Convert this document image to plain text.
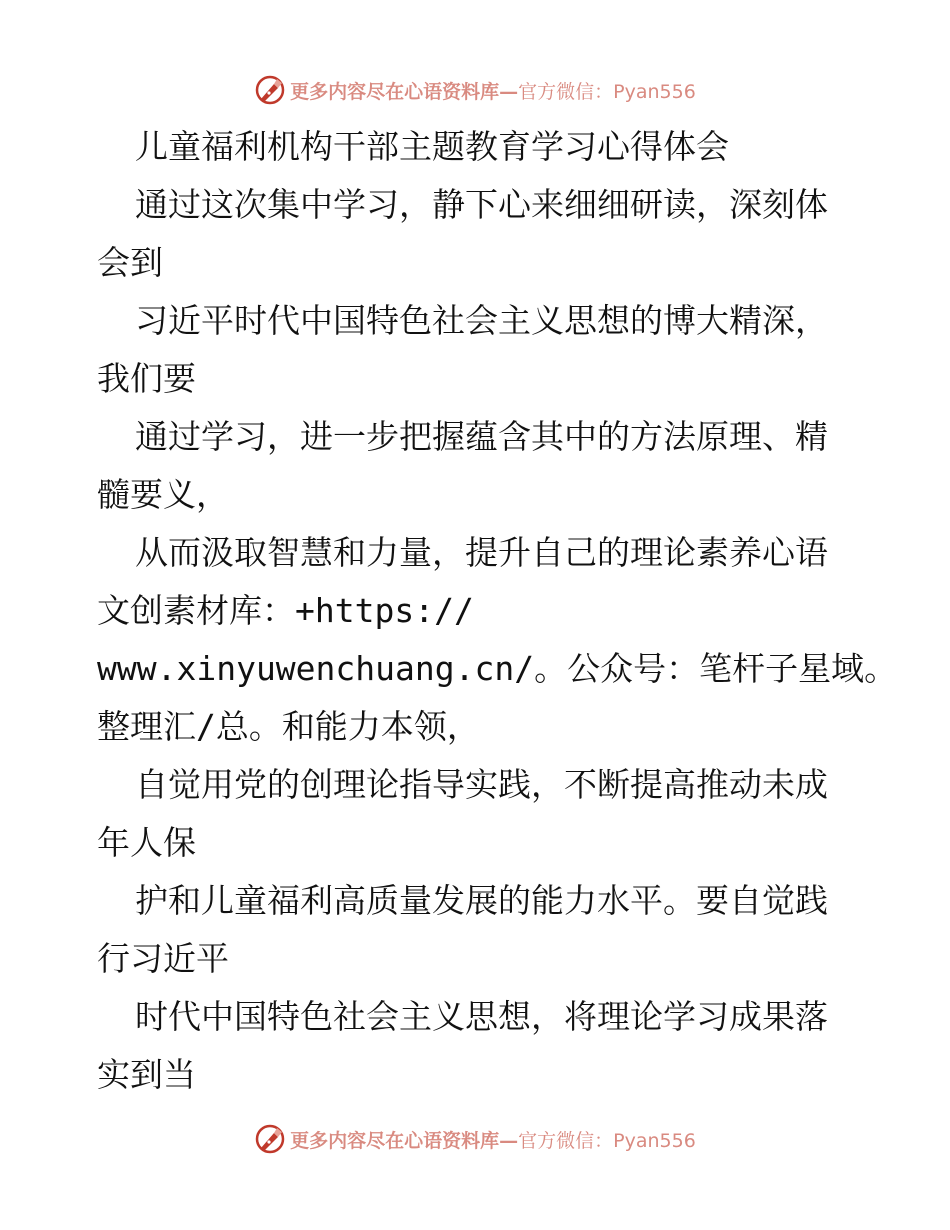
更多内容尽在心语资料库— 官方微信：Pyan556
儿童福利机构干部主题教育学习心得体会
通过这次集中学习，静下心来细细研读，深刻体
会到
习近平时代中国特色社会主义思想的博大精深，
我们要
通过学习，进一步把握蕴含其中的方法原理、精
髓要义，
从而汲取智慧和力量，提升自己的理论素养心语
文创素材库：+https://
www.xinyuwenchuang.cn/。公众号：笔杆子星域。
整理汇/总。和能力本领，
自觉用党的创理论指导实践，不断提高推动未成
年人保
护和儿童福利高质量发展的能力水平。要自觉践
行习近平
时代中国特色社会主义思想，将理论学习成果落
实到当
更多内容尽在心语资料库— 官方微信：Pyan556
